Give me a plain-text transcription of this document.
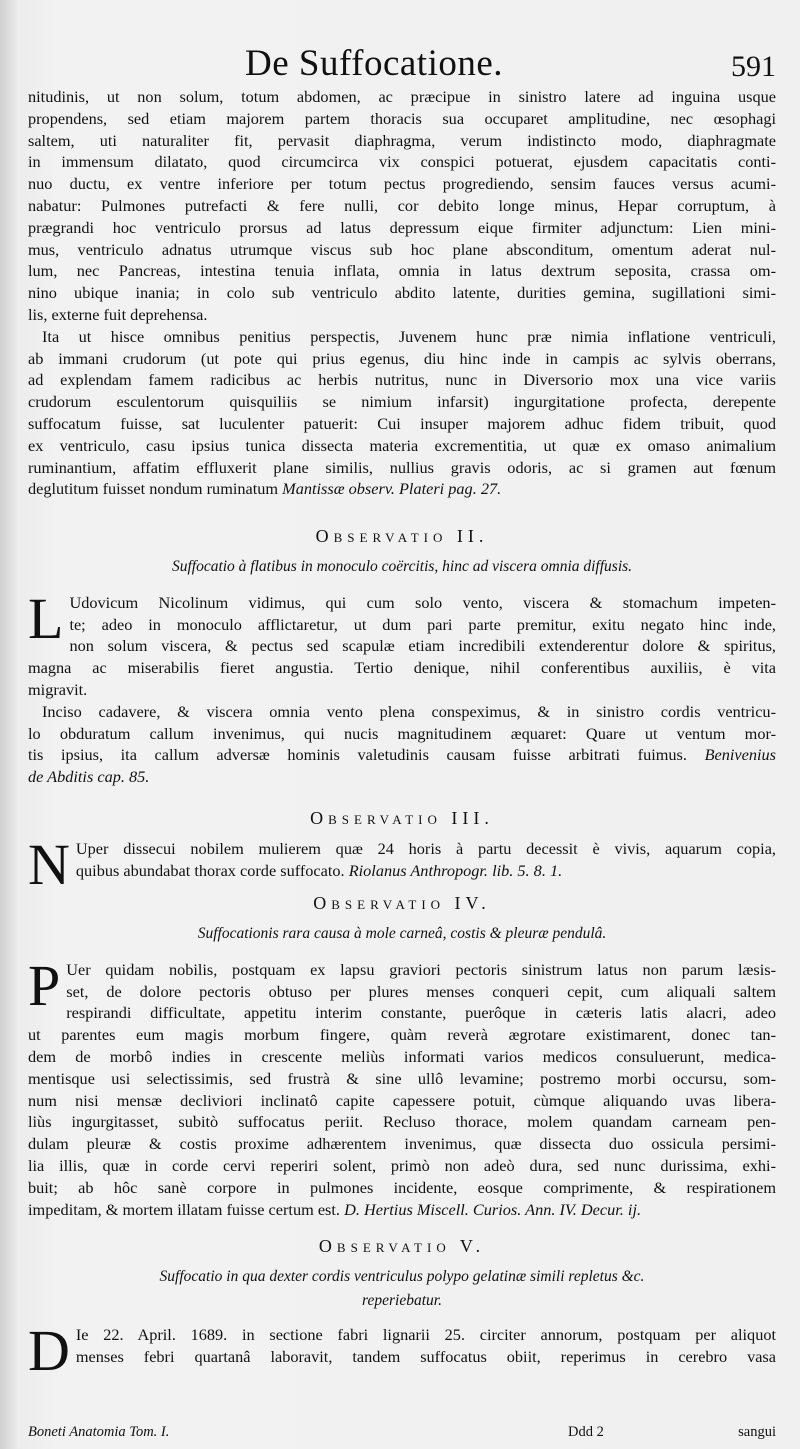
De Suffocatione.	591
nitudinis, ut non solum, totum abdomen, ac præcipue in sinistro latere ad inguina usque
propendens, sed etiam majorem partem thoracis sua occuparet amplitudine, nec œsophagi
saltem, uti naturaliter fit, pervasit diaphragma, verum indistincto modo, diaphragmate
in immensum dilatato, quod circumcirca vix conspici potuerat, ejusdem capacitatis conti-
nuo ductu, ex ventre inferiore per totum pectus progrediendo, sensim fauces versus acumi-
nabatur: Pulmones putrefacti & fere nulli, cor debito longe minus, Hepar corruptum, à
prægrandi hoc ventriculo prorsus ad latus depressum eique firmiter adjunctum: Lien mini-
mus, ventriculo adnatus utrumque viscus sub hoc plane absconditum, omentum aderat nul-
lum, nec Pancreas, intestina tenuia inflata, omnia in latus dextrum seposita, crassa om-
nino ubique inania; in colo sub ventriculo abdito latente, durities gemina, sugillationi simi-
lis, externe fuit deprehensa.
Ita ut hisce omnibus penitius perspectis, Juvenem hunc præ nimia inflatione ventriculi,
ab immani crudorum (ut pote qui prius egenus, diu hinc inde in campis ac sylvis oberrans,
ad explendam famem radicibus ac herbis nutritus, nunc in Diversorio mox una vice variis
crudorum esculentorum quisquiliis se nimium infarsit) ingurgitatione profecta, derepente
suffocatum fuisse, sat luculenter patuerit: Cui insuper majorem adhuc fidem tribuit, quod
ex ventriculo, casu ipsius tunica dissecta materia excrementitia, ut quæ ex omaso animalium
ruminantium, affatim effluxerit plane similis, nullius gravis odoris, ac si gramen aut fœnum
deglutitum fuisset nondum ruminatum Mantissæ observ. Plateri pag. 27.
Observatio II.
Suffocatio à flatibus in monoculo coërcitis, hinc ad viscera omnia diffusis.
L Udovicum Nicolinum vidimus, qui cum solo vento, viscera & stomachum impeten-
te; adeo in monoculo afflictaretur, ut dum pari parte premitur, exitu negato hinc inde,
non solum viscera, & pectus sed scapulæ etiam incredibili extenderentur dolore & spiritus,
magna ac miserabilis fieret angustia. Tertio denique, nihil conferentibus auxiliis, è vita
migravit.
Inciso cadavere, & viscera omnia vento plena conspeximus, & in sinistro cordis ventricu-
lo obduratum callum invenimus, qui nucis magnitudinem æquaret: Quare ut ventum mor-
tis ipsius, ita callum adversæ hominis valetudinis causam fuisse arbitrati fuimus. Benivenius
de Abditis cap. 85.
Observatio III.
N Uper dissecui nobilem mulierem quæ 24 horis à partu decessit è vivis, aquarum copia,
quibus abundabat thorax corde suffocato. Riolanus Anthropogr. lib. 5. 8. 1.
Observatio IV.
Suffocationis rara causa à mole carneâ, costis & pleuræ pendulâ.
P Uer quidam nobilis, postquam ex lapsu graviori pectoris sinistrum latus non parum læsis-
set, de dolore pectoris obtuso per plures menses conqueri cepit, cum aliquali saltem
respirandi difficultate, appetitu interim constante, puerôque in cæteris latis alacri, adeo
ut parentes eum magis morbum fingere, quàm reverà ægrotare existimarent, donec tan-
dem de morbô indies in crescente meliùs informati varios medicos consuluerunt, medica-
mentisque usi selectissimis, sed frustrà & sine ullô levamine; postremo morbi occursu, som-
num nisi mensæ decliviori inclinatô capite capessere potuit, cùmque aliquando uvas libera-
liùs ingurgitasset, subitò suffocatus periit. Recluso thorace, molem quandam carneam pen-
dulam pleuræ & costis proxime adhærentem invenimus, quæ dissecta duo ossicula persimi-
lia illis, quæ in corde cervi reperiri solent, primò non adeò dura, sed nunc durissima, exhi-
buit; ab hôc sanè corpore in pulmones incidente, eosque comprimente, & respirationem
impeditam, & mortem illatam fuisse certum est. D. Hertius Miscell. Curios. Ann. IV. Decur. ij.
Observatio V.
Suffocatio in qua dexter cordis ventriculus polypo gelatinæ simili repletus &c.
reperiebatur.
D Ie 22. April. 1689. in sectione fabri lignarii 25. circiter annorum, postquam per aliquot
menses febri quartanâ laboravit, tandem suffocatus obiit, reperimus in cerebro vasa
Boneti Anatomia Tom. I.	Ddd 2	sangui
